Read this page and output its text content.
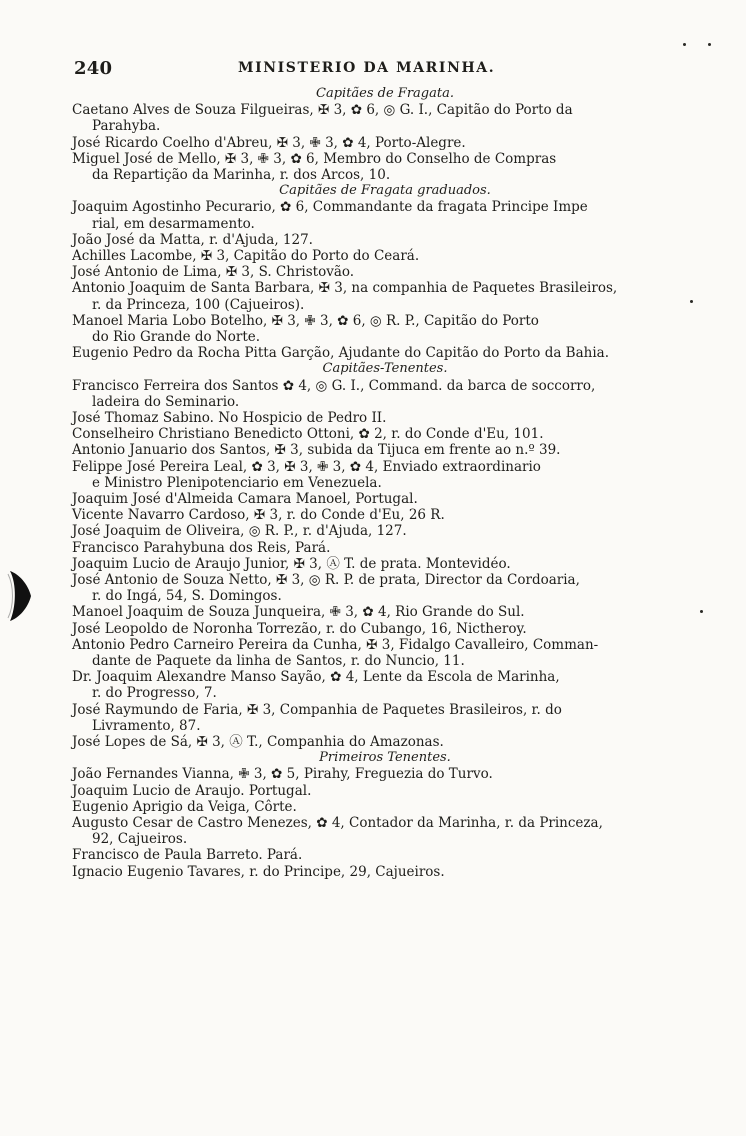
240	MINISTERIO DA MARINHA.
Capitães de Fragata.
Caetano Alves de Souza Filgueiras, ✠ 3, ✿ 6, ◎ G. I., Capitão do Porto da
Parahyba.
José Ricardo Coelho d'Abreu, ✠ 3, ✙ 3, ✿ 4, Porto-Alegre.
Miguel José de Mello, ✠ 3, ✙ 3, ✿ 6, Membro do Conselho de Compras
da Repartição da Marinha, r. dos Arcos, 10.
Capitães de Fragata graduados.
Joaquim Agostinho Pecurario, ✿ 6, Commandante da fragata Principe Impe
rial, em desarmamento.
João José da Matta, r. d'Ajuda, 127.
Achilles Lacombe, ✠ 3, Capitão do Porto do Ceará.
José Antonio de Lima, ✠ 3, S. Christovão.
Antonio Joaquim de Santa Barbara, ✠ 3, na companhia de Paquetes Brasileiros,
r. da Princeza, 100 (Cajueiros).
Manoel Maria Lobo Botelho, ✠ 3, ✙ 3, ✿ 6, ◎ R. P., Capitão do Porto
do Rio Grande do Norte.
Eugenio Pedro da Rocha Pitta Garção, Ajudante do Capitão do Porto da Bahia.
Capitães-Tenentes.
Francisco Ferreira dos Santos ✿ 4, ◎ G. I., Command. da barca de soccorro,
ladeira do Seminario.
José Thomaz Sabino. No Hospicio de Pedro II.
Conselheiro Christiano Benedicto Ottoni, ✿ 2, r. do Conde d'Eu, 101.
Antonio Januario dos Santos, ✠ 3, subida da Tijuca em frente ao n.º 39.
Felippe José Pereira Leal, ✿ 3, ✠ 3, ✙ 3, ✿ 4, Enviado extraordinario
e Ministro Plenipotenciario em Venezuela.
Joaquim José d'Almeida Camara Manoel, Portugal.
Vicente Navarro Cardoso, ✠ 3, r. do Conde d'Eu, 26 R.
José Joaquim de Oliveira, ◎ R. P., r. d'Ajuda, 127.
Francisco Parahybuna dos Reis, Pará.
Joaquim Lucio de Araujo Junior, ✠ 3, Ⓐ T. de prata. Montevidéo.
José Antonio de Souza Netto, ✠ 3, ◎ R. P. de prata, Director da Cordoaria,
r. do Ingá, 54, S. Domingos.
Manoel Joaquim de Souza Junqueira, ✙ 3, ✿ 4, Rio Grande do Sul.
José Leopoldo de Noronha Torrezão, r. do Cubango, 16, Nictheroy.
Antonio Pedro Carneiro Pereira da Cunha, ✠ 3, Fidalgo Cavalleiro, Comman-
dante de Paquete da linha de Santos, r. do Nuncio, 11.
Dr. Joaquim Alexandre Manso Sayão, ✿ 4, Lente da Escola de Marinha,
r. do Progresso, 7.
José Raymundo de Faria, ✠ 3, Companhia de Paquetes Brasileiros, r. do
Livramento, 87.
José Lopes de Sá, ✠ 3, Ⓐ T., Companhia do Amazonas.
Primeiros Tenentes.
João Fernandes Vianna, ✙ 3, ✿ 5, Pirahy, Freguezia do Turvo.
Joaquim Lucio de Araujo. Portugal.
Eugenio Aprigio da Veiga, Côrte.
Augusto Cesar de Castro Menezes, ✿ 4, Contador da Marinha, r. da Princeza,
92, Cajueiros.
Francisco de Paula Barreto. Pará.
Ignacio Eugenio Tavares, r. do Principe, 29, Cajueiros.
